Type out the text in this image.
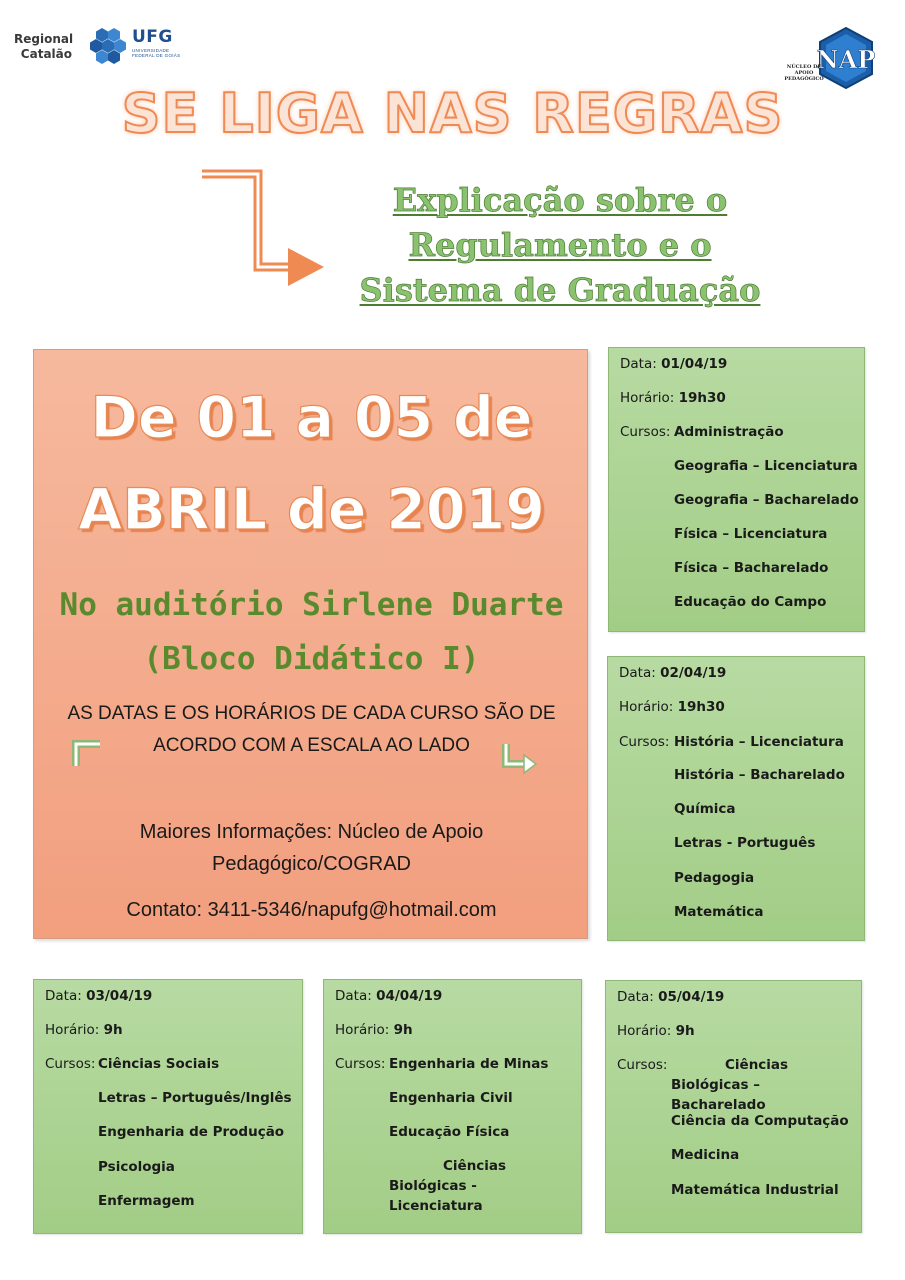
Regional
Catalão
UFG
UNIVERSIDADE FEDERAL DE GOIÁS	NAP
NÚCLEO DE APOIO PEDAGÓGICO
SE LIGA NAS REGRAS
Explicação sobre o
Regulamento e o
Sistema de Graduação
De 01 a 05 de
ABRIL de 2019
No auditório Sirlene Duarte
(Bloco Didático I)
AS DATAS E OS HORÁRIOS DE CADA CURSO SÃO DE
ACORDO COM A ESCALA AO LADO
Maiores Informações: Núcleo de Apoio
Pedagógico/COGRAD
Contato: 3411-5346/napufg@hotmail.com
Data: 01/04/19
Horário: 19h30
Cursos: Administração
Geografia – Licenciatura
Geografia – Bacharelado
Física – Licenciatura
Física – Bacharelado
Educação do Campo
Data: 02/04/19
Horário: 19h30
Cursos: História – Licenciatura
História – Bacharelado
Química
Letras - Português
Pedagogia
Matemática
Data: 03/04/19
Horário: 9h
Cursos: Ciências Sociais
Letras – Português/Inglês
Engenharia de Produção
Psicologia
Enfermagem
Data: 04/04/19
Horário: 9h
Cursos: Engenharia de Minas
Engenharia Civil
Educação Física
Ciências Biológicas - Licenciatura
Data: 05/04/19
Horário: 9h
Cursos:	Ciências Biológicas – Bacharelado
Ciência da Computação
Medicina
Matemática Industrial
